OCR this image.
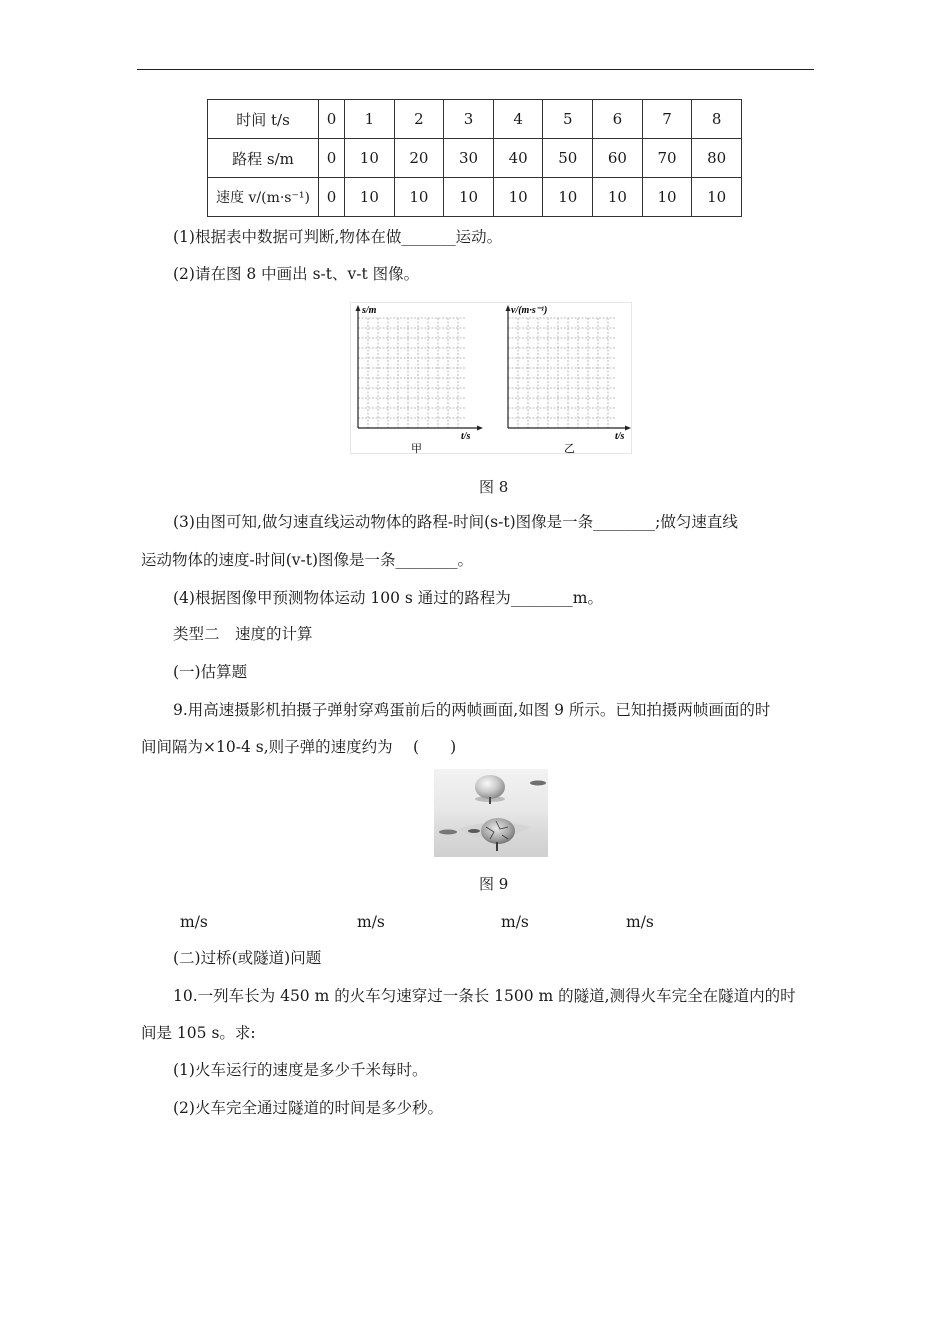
时间 t/s	0	1	2	3	4	5	6	7	8
路程 s/m	0	10	20	30	40	50	60	70	80
速度 v/(m·s⁻¹)	0	10	10	10	10	10	10	10	10
(1)根据表中数据可判断,物体在做_______运动。
(2)请在图 8 中画出 s-t、v-t 图像。
s/m
t/s
甲
v/(m·s⁻¹)
t/s
乙
图 8
(3)由图可知,做匀速直线运动物体的路程-时间(s-t)图像是一条________;做匀速直线
运动物体的速度-时间(v-t)图像是一条________。
(4)根据图像甲预测物体运动 100 s 通过的路程为________m。
类型二　速度的计算
(一)估算题
9.用高速摄影机拍摄子弹射穿鸡蛋前后的两帧画面,如图 9 所示。已知拍摄两帧画面的时
间间隔为×10-4 s,则子弹的速度约为　 (　　)
图 9
m/s	m/s	m/s	m/s
(二)过桥(或隧道)问题
10.一列车长为 450 m 的火车匀速穿过一条长 1500 m 的隧道,测得火车完全在隧道内的时
间是 105 s。求:
(1)火车运行的速度是多少千米每时。
(2)火车完全通过隧道的时间是多少秒。
